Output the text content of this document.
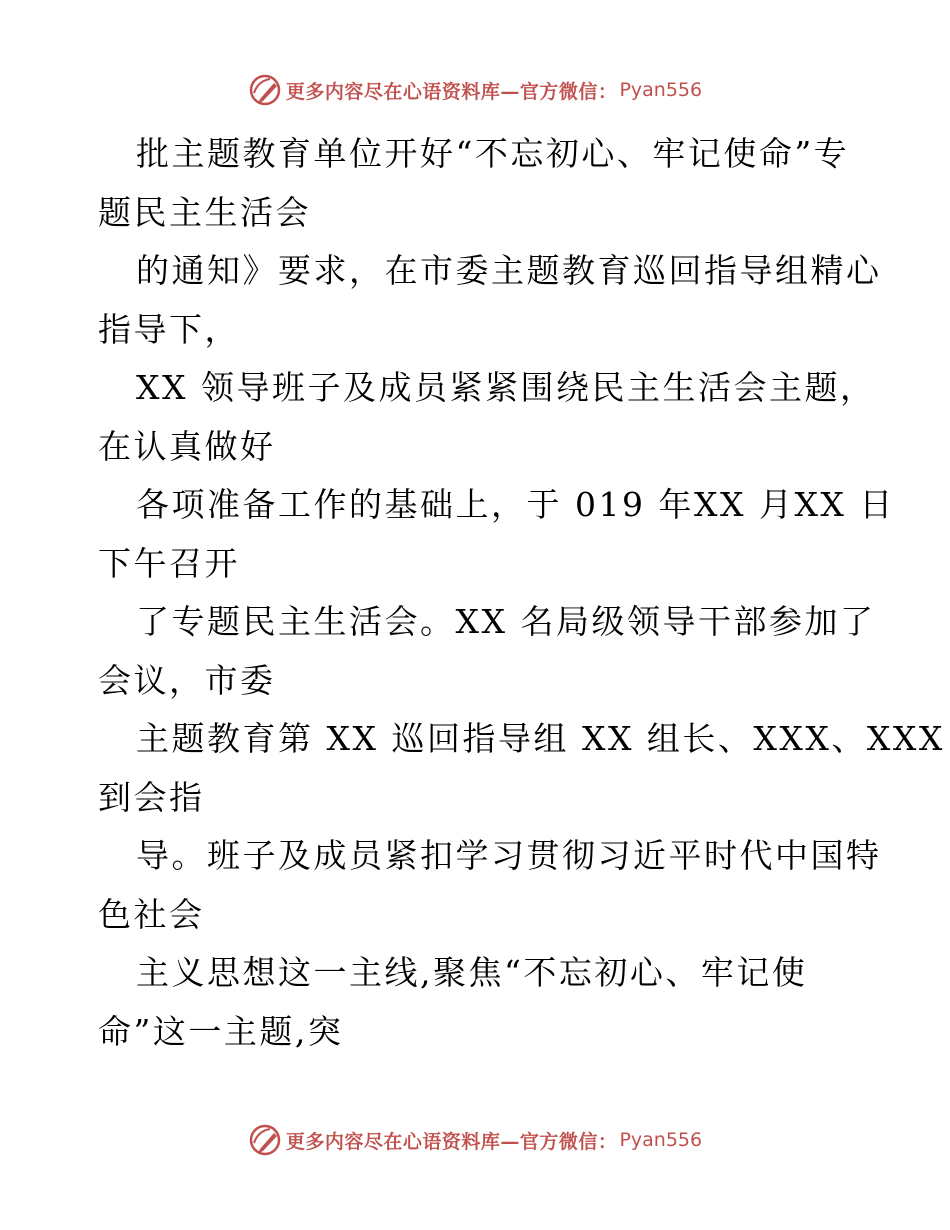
更多内容尽在心语资料库— 官方微信： Pyan556
批主题教育单位开好“不忘初心、牢记使命”专
题民主生活会
的通知》要求，在市委主题教育巡回指导组精心
指导下，
XX 领导班子及成员紧紧围绕民主生活会主题，
在认真做好
各项准备工作的基础上，于 019 年XX 月XX 日
下午召开
了专题民主生活会。XX 名局级领导干部参加了
会议，市委
主题教育第 XX 巡回指导组 XX 组长、XXX、XXX
到会指
导。班子及成员紧扣学习贯彻习近平时代中国特
色社会
主义思想这一主线,聚焦“不忘初心、牢记使
命”这一主题,突
更多内容尽在心语资料库— 官方微信： Pyan556
